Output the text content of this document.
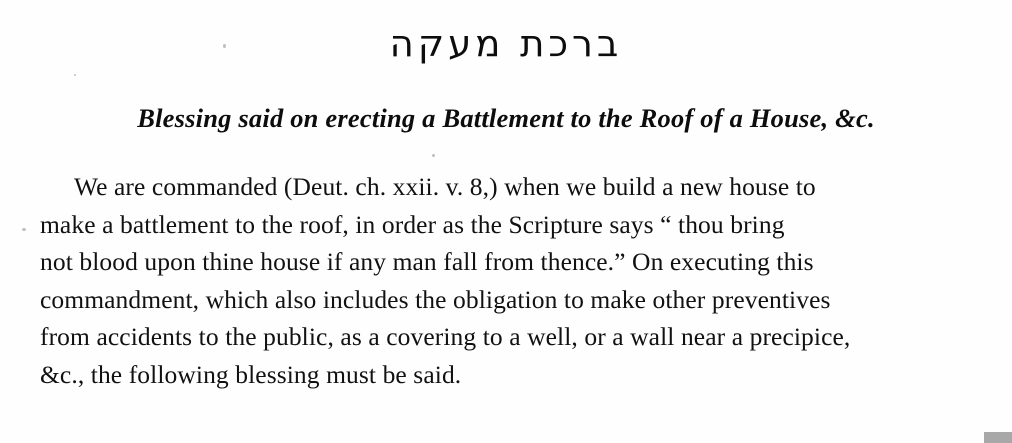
ברכת מעקה
Blessing said on erecting a Battlement to the Roof of a House, &c.
We are commanded (Deut. ch. xxii. v. 8,) when we build a new house to
make a battlement to the roof, in order as the Scripture says “ thou bring
not blood upon thine house if any man fall from thence.” On executing this
commandment, which also includes the obligation to make other preventives
from accidents to the public, as a covering to a well, or a wall near a precipice,
&c., the following blessing must be said.
